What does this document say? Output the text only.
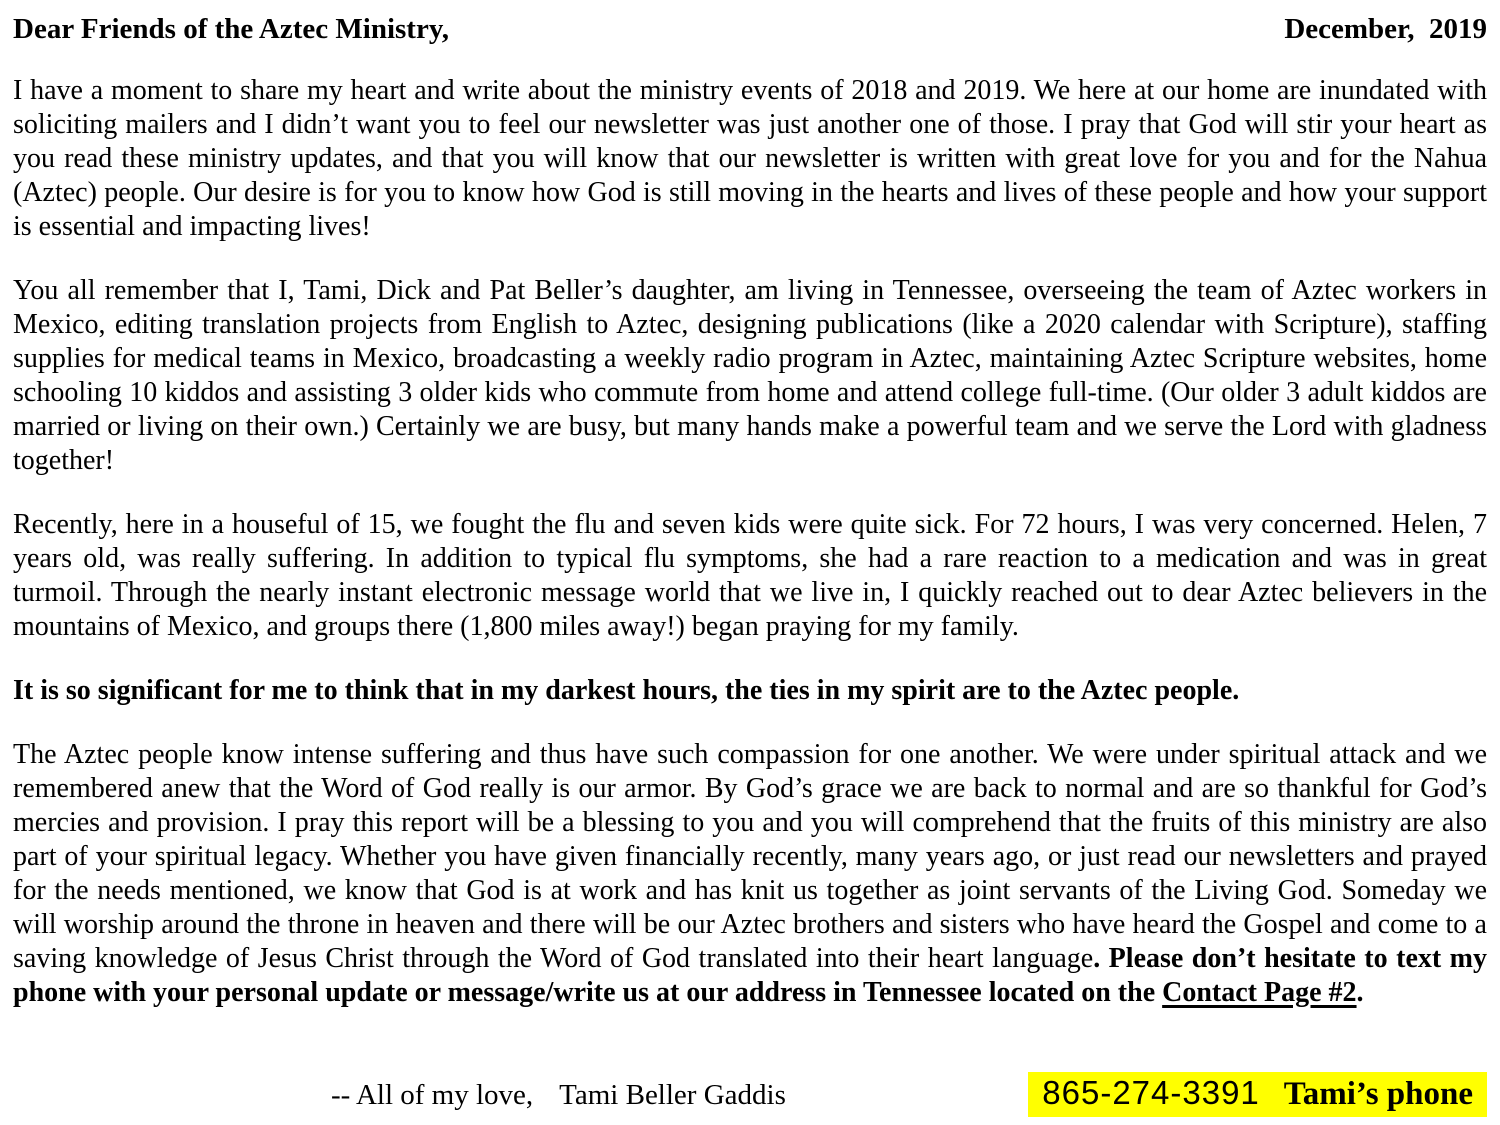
Dear Friends of the Aztec Ministry,	December,  2019

I have a moment to share my heart and write about the ministry events of 2018 and 2019. We here at our home are inundated with soliciting mailers and I didn’t want you to feel our newsletter was just another one of those. I pray that God will stir your heart as you read these ministry updates, and that you will know that our newsletter is written with great love for you and for the Nahua (Aztec) people. Our desire is for you to know how God is still moving in the hearts and lives of these people and how your support is essential and impacting lives!

You all remember that I, Tami, Dick and Pat Beller’s daughter, am living in Tennessee, overseeing the team of Aztec workers in Mexico, editing translation projects from English to Aztec, designing publications (like a 2020 calendar with Scripture), staffing supplies for medical teams in Mexico, broadcasting a weekly radio program in Aztec, maintaining Aztec Scripture websites, home schooling 10 kiddos and assisting 3 older kids who commute from home and attend college full-time. (Our older 3 adult kiddos are married or living on their own.) Certainly we are busy, but many hands make a powerful team and we serve the Lord with gladness together!

Recently, here in a houseful of 15, we fought the flu and seven kids were quite sick. For 72 hours, I was very concerned. Helen, 7 years old, was really suffering. In addition to typical flu symptoms, she had a rare reaction to a medication and was in great turmoil. Through the nearly instant electronic message world that we live in, I quickly reached out to dear Aztec believers in the mountains of Mexico, and groups there (1,800 miles away!) began praying for my family.

It is so significant for me to think that in my darkest hours, the ties in my spirit are to the Aztec people.

The Aztec people know intense suffering and thus have such compassion for one another. We were under spiritual attack and we remembered anew that the Word of God really is our armor. By God’s grace we are back to normal and are so thankful for God’s mercies and provision. I pray this report will be a blessing to you and you will comprehend that the fruits of this ministry are also part of your spiritual legacy. Whether you have given financially recently, many years ago, or just read our newsletters and prayed for the needs mentioned, we know that God is at work and has knit us together as joint servants of the Living God. Someday we will worship around the throne in heaven and there will be our Aztec brothers and sisters who have heard the Gospel and come to a saving knowledge of Jesus Christ through the Word of God translated into their heart language. Please don’t hesitate to text my phone with your personal update or message/write us at our address in Tennessee located on the Contact Page #2.

-- All of my love, Tami Beller Gaddis	865-274-3391 Tami’s phone
